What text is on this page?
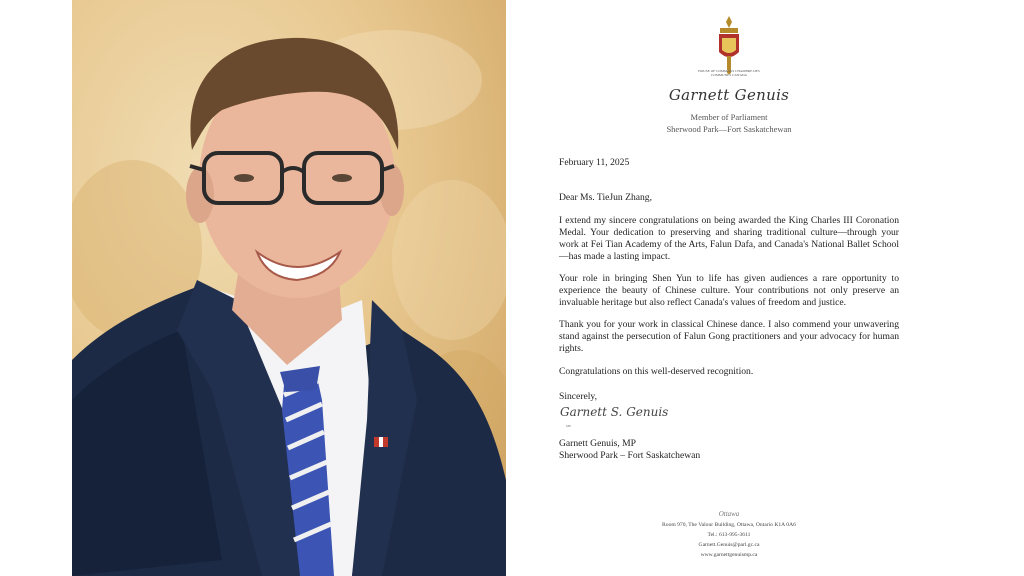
HOUSE OF COMMONS CHAMBRE DES COMMUNES CANADA
Garnett Genuis
Member of Parliament
Sherwood Park—Fort Saskatchewan
February 11, 2025
Dear Ms. TieJun Zhang,
I extend my sincere congratulations on being awarded the King Charles III Coronation Medal. Your dedication to preserving and sharing traditional culture—through your work at Fei Tian Academy of the Arts, Falun Dafa, and Canada's National Ballet School—has made a lasting impact.
Your role in bringing Shen Yun to life has given audiences a rare opportunity to experience the beauty of Chinese culture. Your contributions not only preserve an invaluable heritage but also reflect Canada's values of freedom and justice.
Thank you for your work in classical Chinese dance. I also commend your unwavering stand against the persecution of Falun Gong practitioners and your advocacy for human rights.
Congratulations on this well-deserved recognition.
Sincerely,
Garnett S. Genuis
MP
Garnett Genuis, MP
Sherwood Park – Fort Saskatchewan
Ottawa
Room 970, The Valour Building, Ottawa, Ontario K1A 0A6
Tel.: 613-995-3611
Garnett.Genuis@parl.gc.ca
www.garnettgenuismp.ca
